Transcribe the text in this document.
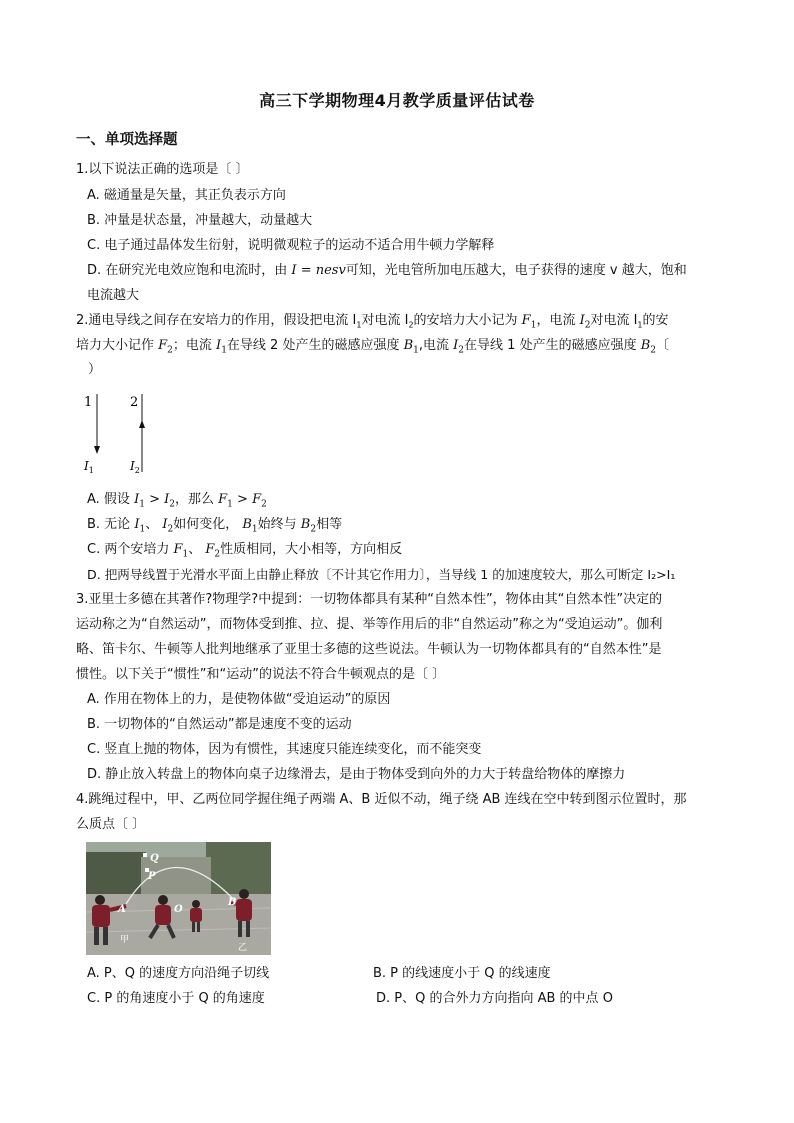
高三下学期物理4月教学质量评估试卷
一、单项选择题
1.以下说法正确的选项是〔 〕
A. 磁通量是矢量，其正负表示方向
B. 冲量是状态量，冲量越大，动量越大
C. 电子通过晶体发生衍射，说明微观粒子的运动不适合用牛顿力学解释
D. 在研究光电效应饱和电流时，由 I = nesv可知，光电管所加电压越大，电子获得的速度 v 越大，饱和
电流越大
2.通电导线之间存在安培力的作用，假设把电流 $I_1$对电流 $I_2$的安培力大小记为 $F_1$，电流 $I_2$对电流 $I_1$的安
培力大小记作 $F_2$；电流 $I_1$在导线 2 处产生的磁感应强度 $B_1$,电流 $I_2$在导线 1 处产生的磁感应强度 $B_2$〔
）
1	2
$I_1$	$I_2$
A. 假设 $I_1 > I_2$，那么 $F_1 > F_2$
B. 无论 $I_1$、 $I_2$如何变化， $B_1$始终与 $B_2$相等
C. 两个安培力 $F_1$、 $F_2$性质相同，大小相等，方向相反
D. 把两导线置于光滑水平面上由静止释放〔不计其它作用力〕，当导线 1 的加速度较大，那么可断定 I₂>I₁
3.亚里士多德在其著作?物理学?中提到：一切物体都具有某种“自然本性”，物体由其“自然本性”决定的
运动称之为“自然运动”，而物体受到推、拉、提、举等作用后的非“自然运动”称之为“受迫运动”。伽利
略、笛卡尔、牛顿等人批判地继承了亚里士多德的这些说法。牛顿认为一切物体都具有的“自然本性”是
惯性。以下关于“惯性”和“运动”的说法不符合牛顿观点的是〔 〕
A. 作用在物体上的力，是使物体做“受迫运动”的原因
B. 一切物体的“自然运动”都是速度不变的运动
C. 竖直上抛的物体，因为有惯性，其速度只能连续变化，而不能突变
D. 静止放入转盘上的物体向桌子边缘滑去，是由于物体受到向外的力大于转盘给物体的摩擦力
4.跳绳过程中，甲、乙两位同学握住绳子两端 A、B 近似不动，绳子绕 AB 连线在空中转到图示位置时，那
么质点〔 〕
Q
P
A	O
B
甲
乙
A. P、Q 的速度方向沿绳子切线	B. P 的线速度小于 Q 的线速度
C. P 的角速度小于 Q 的角速度	D. P、Q 的合外力方向指向 AB 的中点 O
